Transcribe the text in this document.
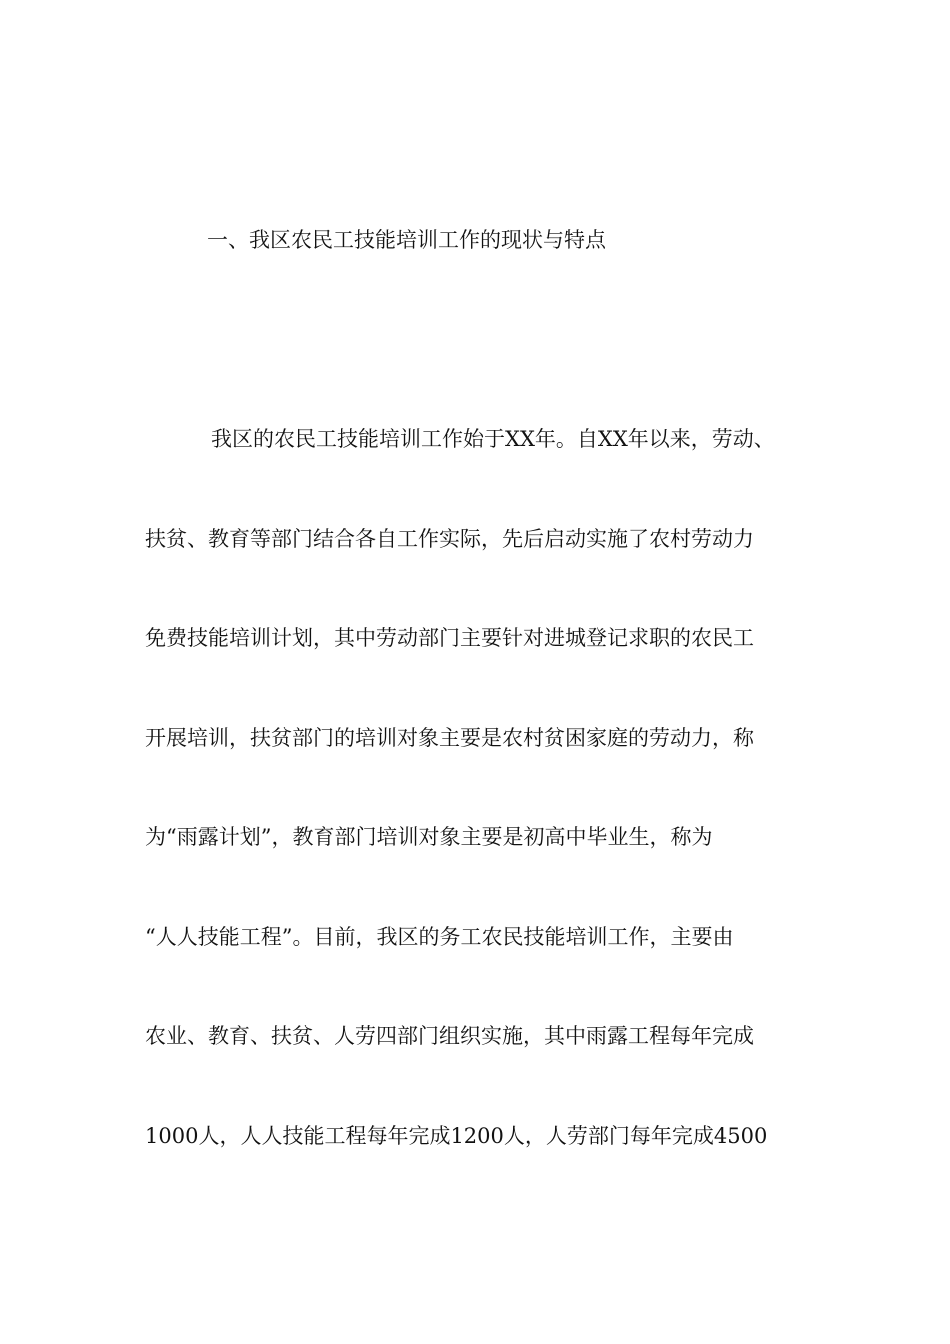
一、我区农民工技能培训工作的现状与特点
我区的农民工技能培训工作始于XX年。自XX年以来，劳动、
扶贫、教育等部门结合各自工作实际，先后启动实施了农村劳动力
免费技能培训计划，其中劳动部门主要针对进城登记求职的农民工
开展培训，扶贫部门的培训对象主要是农村贫困家庭的劳动力，称
为“雨露计划”，教育部门培训对象主要是初高中毕业生，称为
“人人技能工程”。目前，我区的务工农民技能培训工作，主要由
农业、教育、扶贫、人劳四部门组织实施，其中雨露工程每年完成
1000人，人人技能工程每年完成1200人，人劳部门每年完成4500
